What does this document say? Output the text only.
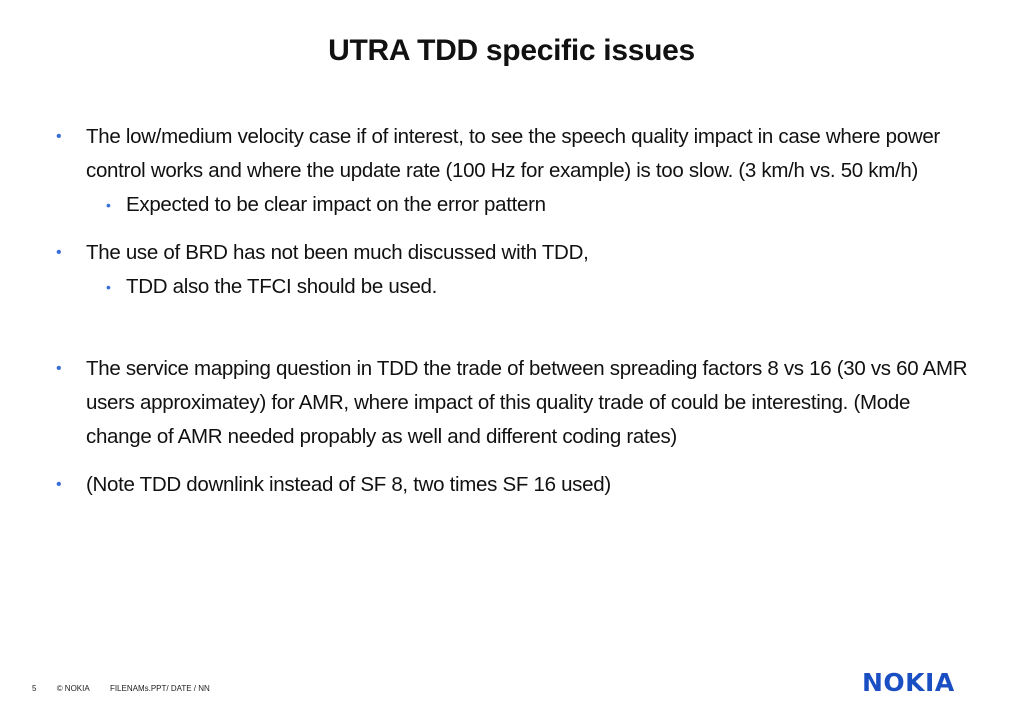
UTRA TDD specific issues
• The low/medium velocity case if of interest, to see the speech quality impact in case where power control works and where the update rate (100 Hz for example) is too slow. (3 km/h vs. 50 km/h)
• Expected to be clear impact on the error pattern
• The use of BRD has not been much discussed with TDD,
• TDD also the TFCI should be used.
• The service mapping question in TDD the trade of between spreading factors 8 vs 16 (30 vs 60 AMR users approximatey) for AMR, where impact of this quality trade of could be interesting. (Mode change of AMR needed propably as well and different coding rates)
• (Note TDD downlink instead of SF 8, two times SF 16 used)
5	© NOKIA	FILENAMs.PPT/ DATE / NN	NOKIA
